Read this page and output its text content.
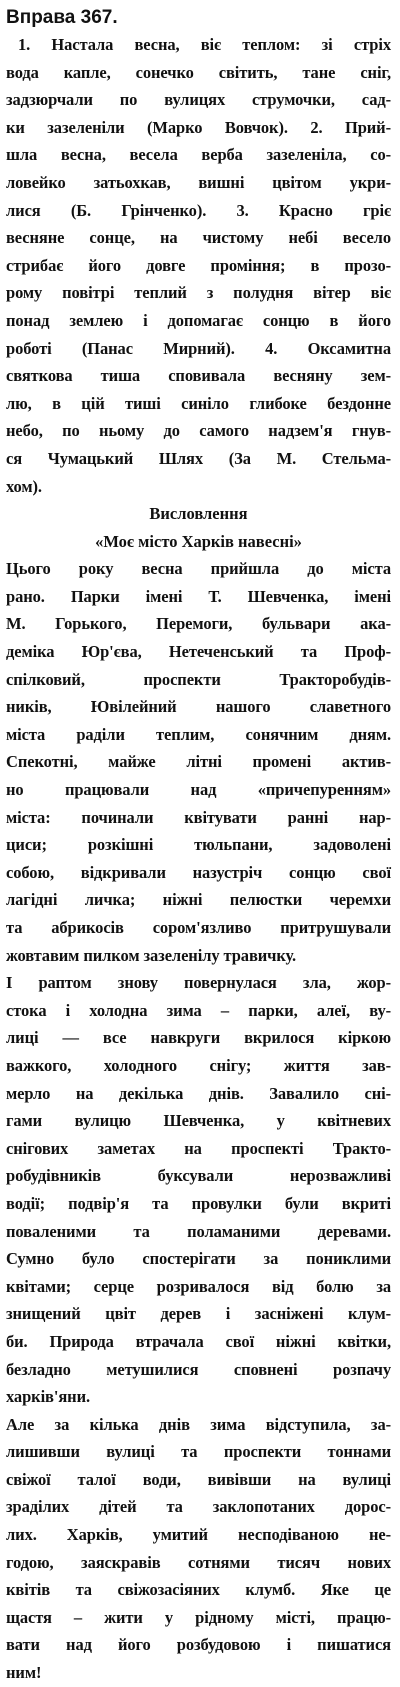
Вправа 367.
1. Настала весна, віє теплом: зі стріх
вода капле, сонечко світить, тане сніг,
задзюрчали по вулицях струмочки, сад-
ки зазеленіли (Марко Вовчок). 2. Прий-
шла весна, весела верба зазеленіла, со-
ловейко затьохкав, вишні цвітом укри-
лися (Б. Грінченко). 3. Красно гріє
весняне сонце, на чистому небі весело
стрибає його довге проміння; в прозо-
рому повітрі теплий з полудня вітер віє
понад землею і допомагає сонцю в його
роботі (Панас Мирний). 4. Оксамитна
святкова тиша сповивала весняну зем-
лю, в цій тиші синіло глибоке бездонне
небо, по ньому до самого надзем'я гнув-
ся Чумацький Шлях (За М. Стельма-
хом).
Висловлення
«Моє місто Харків навесні»
Цього року весна прийшла до міста
рано. Парки імені Т. Шевченка, імені
М. Горького, Перемоги, бульвари ака-
деміка Юр'єва, Нетеченський та Проф-
спілковий, проспекти Тракторобудів-
ників, Ювілейний нашого славетного
міста раділи теплим, сонячним дням.
Спекотні, майже літні промені актив-
но працювали над «причепуренням»
міста: починали квітувати ранні нар-
циси; розкішні тюльпани, задоволені
собою, відкривали назустріч сонцю свої
лагідні личка; ніжні пелюстки черемхи
та абрикосів сором'язливо притрушували
жовтавим пилком зазеленілу травичку.
І раптом знову повернулася зла, жор-
стока і холодна зима – парки, алеї, ву-
лиці — все навкруги вкрилося кіркою
важкого, холодного снігу; життя зав-
мерло на декілька днів. Завалило сні-
гами вулицю Шевченка, у квітневих
снігових заметах на проспекті Тракто-
робудівників буксували нерозважливі
водії; подвір'я та провулки були вкриті
поваленими та поламаними деревами.
Сумно було спостерігати за пониклими
квітами; серце розривалося від болю за
знищений цвіт дерев і засніжені клум-
би. Природа втрачала свої ніжні квітки,
безладно метушилися сповнені розпачу
харків'яни.
Але за кілька днів зима відступила, за-
лишивши вулиці та проспекти тоннами
свіжої талої води, вивівши на вулиці
зраділих дітей та заклопотаних дорос-
лих. Харків, умитий несподіваною не-
годою, заяскравів сотнями тисяч нових
квітів та свіжозасіяних клумб. Яке це
щастя – жити у рідному місті, працю-
вати над його розбудовою і пишатися
ним!
